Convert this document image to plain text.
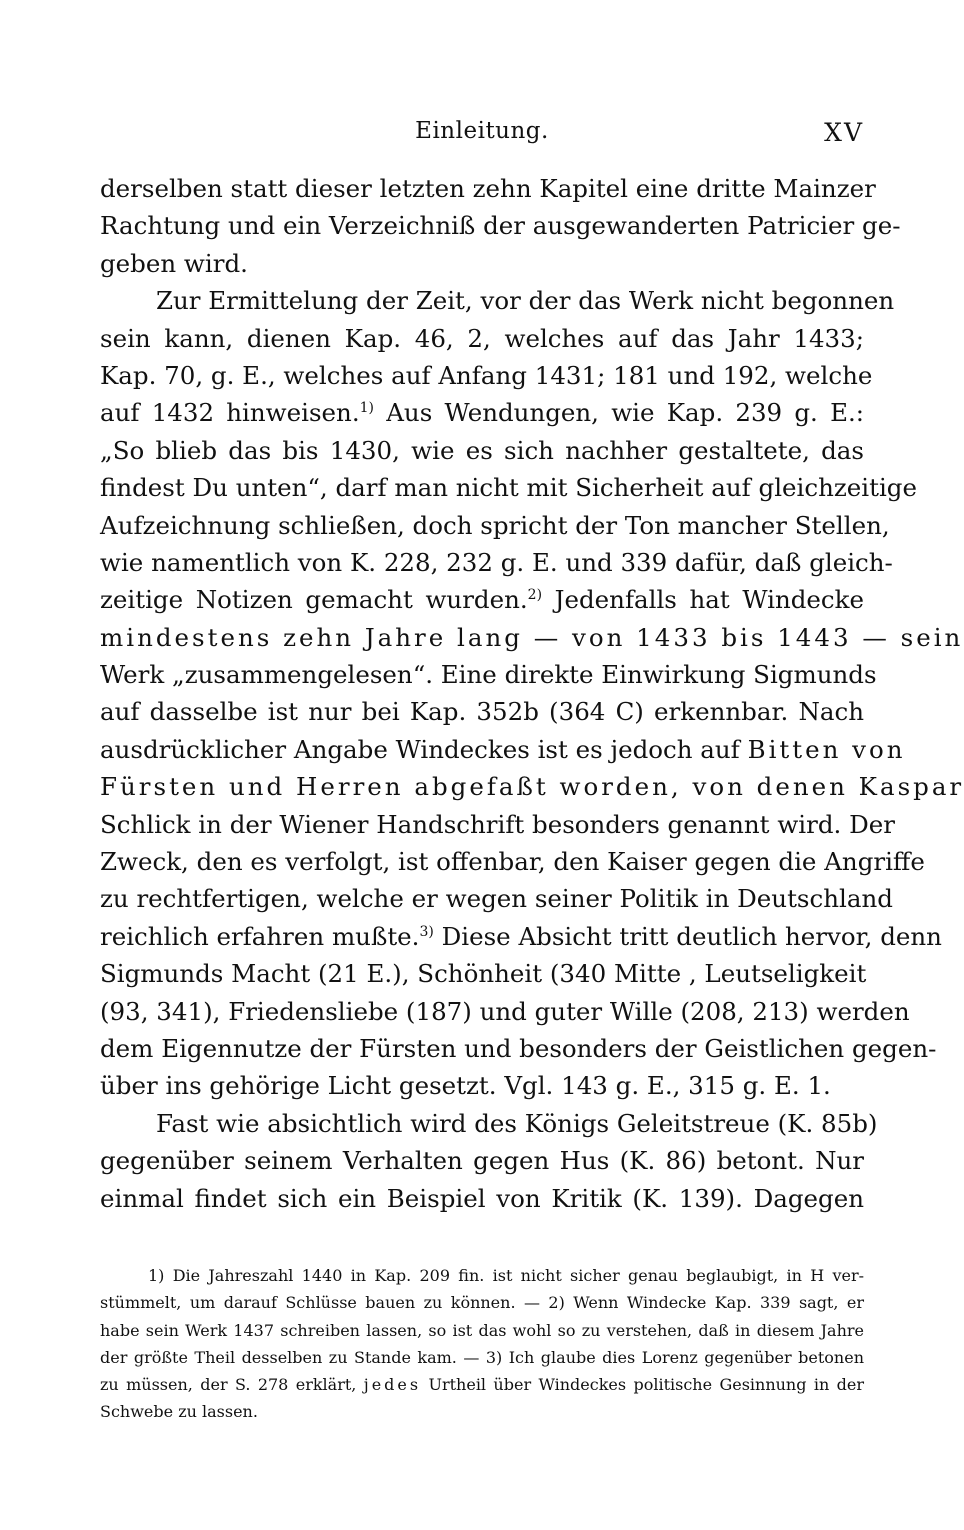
Einleitung.	XV
derselben statt dieser letzten zehn Kapitel eine dritte Mainzer
Rachtung und ein Verzeichniß der ausgewanderten Patricier ge-
geben wird.
Zur Ermittelung der Zeit, vor der das Werk nicht begonnen
sein kann, dienen Kap. 46, 2, welches auf das Jahr 1433;
Kap. 70, g. E., welches auf Anfang 1431; 181 und 192, welche
auf 1432 hinweisen.$^{1)}$ Aus Wendungen, wie Kap. 239 g. E.:
„So blieb das bis 1430, wie es sich nachher gestaltete, das
findest Du unten“, darf man nicht mit Sicherheit auf gleichzeitige
Aufzeichnung schließen, doch spricht der Ton mancher Stellen,
wie namentlich von K. 228, 232 g. E. und 339 dafür, daß gleich-
zeitige Notizen gemacht wurden.$^{2)}$ Jedenfalls hat Windecke
mindestens zehn Jahre lang — von 1433 bis 1443 — sein
Werk „zusammengelesen“. Eine direkte Einwirkung Sigmunds
auf dasselbe ist nur bei Kap. 352b (364 C) erkennbar. Nach
ausdrücklicher Angabe Windeckes ist es jedoch auf Bitten von
Fürsten und Herren abgefaßt worden, von denen Kaspar
Schlick in der Wiener Handschrift besonders genannt wird. Der
Zweck, den es verfolgt, ist offenbar, den Kaiser gegen die Angriffe
zu rechtfertigen, welche er wegen seiner Politik in Deutschland
reichlich erfahren mußte.$^{3)}$ Diese Absicht tritt deutlich hervor, denn
Sigmunds Macht (21 E.), Schönheit (340 Mitte , Leutseligkeit
(93, 341), Friedensliebe (187) und guter Wille (208, 213) werden
dem Eigennutze der Fürsten und besonders der Geistlichen gegen-
über ins gehörige Licht gesetzt. Vgl. 143 g. E., 315 g. E. 1.
Fast wie absichtlich wird des Königs Geleitstreue (K. 85b)
gegenüber seinem Verhalten gegen Hus (K. 86) betont. Nur
einmal findet sich ein Beispiel von Kritik (K. 139). Dagegen
1) Die Jahreszahl 1440 in Kap. 209 fin. ist nicht sicher genau beglaubigt, in H ver-
stümmelt, um darauf Schlüsse bauen zu können. — 2) Wenn Windecke Kap. 339 sagt, er
habe sein Werk 1437 schreiben lassen, so ist das wohl so zu verstehen, daß in diesem Jahre
der größte Theil desselben zu Stande kam. — 3) Ich glaube dies Lorenz gegenüber betonen
zu müssen, der S. 278 erklärt, jedes Urtheil über Windeckes politische Gesinnung in der
Schwebe zu lassen.
